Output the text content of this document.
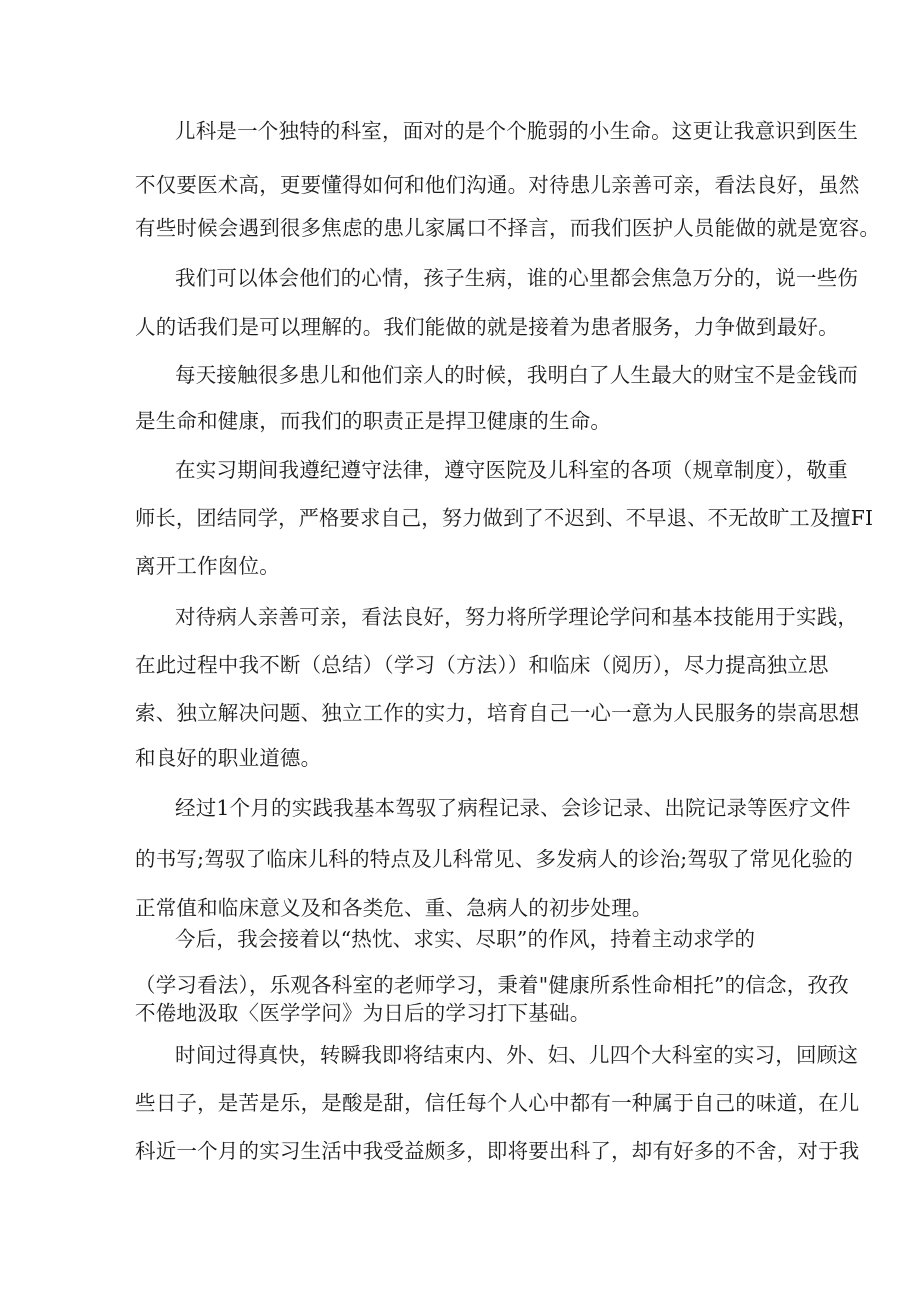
儿科是一个独特的科室，面对的是个个脆弱的小生命。这更让我意识到医生
不仅要医术高，更要懂得如何和他们沟通。对待患儿亲善可亲，看法良好，虽然
有些时候会遇到很多焦虑的患儿家属口不择言，而我们医护人员能做的就是宽容。
我们可以体会他们的心情，孩子生病，谁的心里都会焦急万分的，说一些伤
人的话我们是可以理解的。我们能做的就是接着为患者服务，力争做到最好。
每天接触很多患儿和他们亲人的时候，我明白了人生最大的财宝不是金钱而
是生命和健康，而我们的职责正是捍卫健康的生命。
在实习期间我遵纪遵守法律，遵守医院及儿科室的各项（规章制度），敬重
师长，团结同学，严格要求自己，努力做到了不迟到、不早退、不无故旷工及擅FI
离开工作囱位。
对待病人亲善可亲，看法良好，努力将所学理论学问和基本技能用于实践，
在此过程中我不断（总结）（学习（方法））和临床（阅历），尽力提高独立思
索、独立解决问题、独立工作的实力，培育自己一心一意为人民服务的崇高思想
和良好的职业道德。
经过1个月的实践我基本驾驭了病程记录、会诊记录、出院记录等医疗文件
的书写;驾驭了临床儿科的特点及儿科常见、多发病人的诊治;驾驭了常见化验的
正常值和临床意义及和各类危、重、急病人的初步处理。
今后，我会接着以“热忱、求实、尽职”的作风，持着主动求学的
（学习看法），乐观各科室的老师学习，秉着"健康所系性命相托”的信念，孜孜
不倦地汲取〈医学学问》为日后的学习打下基础。
时间过得真快，转瞬我即将结束内、外、妇、儿四个大科室的实习，回顾这
些日子，是苦是乐，是酸是甜，信任每个人心中都有一种属于自己的味道，在儿
科近一个月的实习生活中我受益颇多，即将要出科了，却有好多的不舍，对于我
